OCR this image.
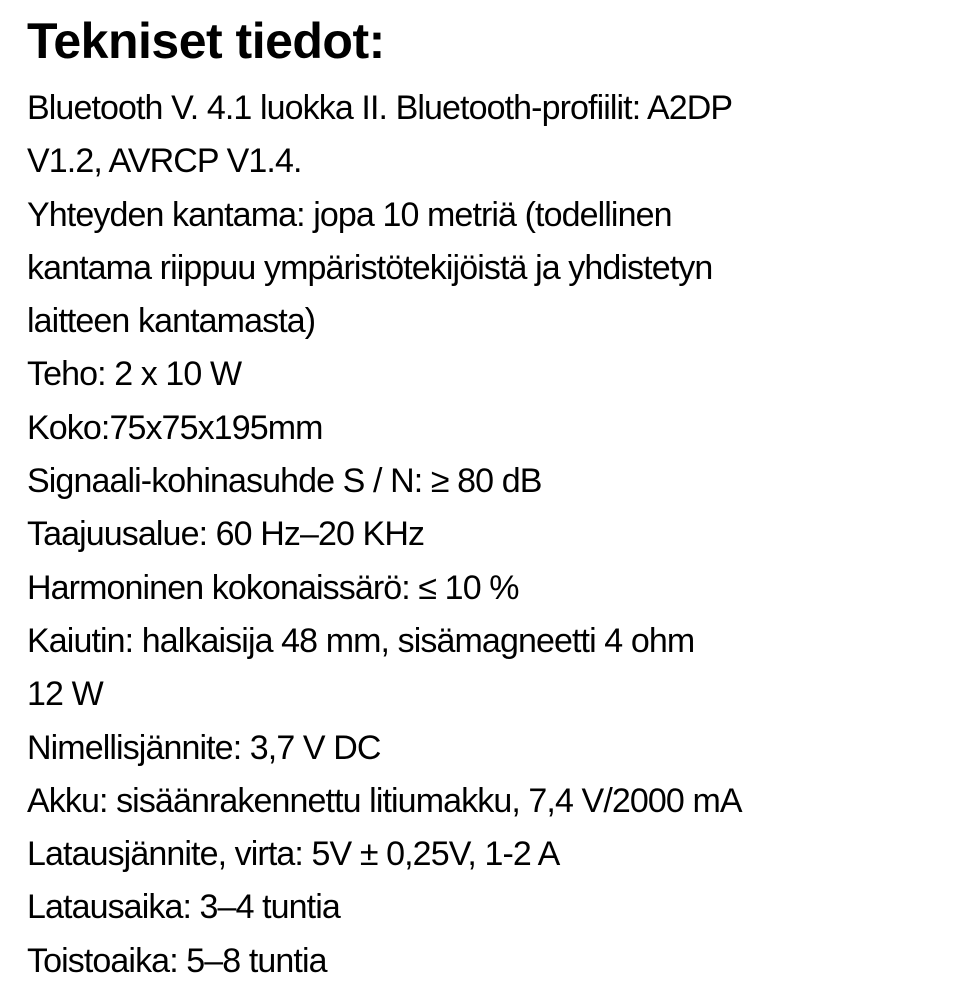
Tekniset tiedot:
Bluetooth V. 4.1 luokka II. Bluetooth-profiilit: A2DP
V1.2, AVRCP V1.4.
Yhteyden kantama: jopa 10 metriä (todellinen
kantama riippuu ympäristötekijöistä ja yhdistetyn
laitteen kantamasta)
Teho: 2 x 10 W
Koko:75x75x195mm
Signaali-kohinasuhde S / N: ≥ 80 dB
Taajuusalue: 60 Hz–20 KHz
Harmoninen kokonaissärö: ≤ 10 %
Kaiutin: halkaisija 48 mm, sisämagneetti 4 ohm
12 W
Nimellisjännite: 3,7 V DC
Akku: sisäänrakennettu litiumakku, 7,4 V/2000 mA
Latausjännite, virta: 5V ± 0,25V, 1-2 A
Latausaika: 3–4 tuntia
Toistoaika: 5–8 tuntia
